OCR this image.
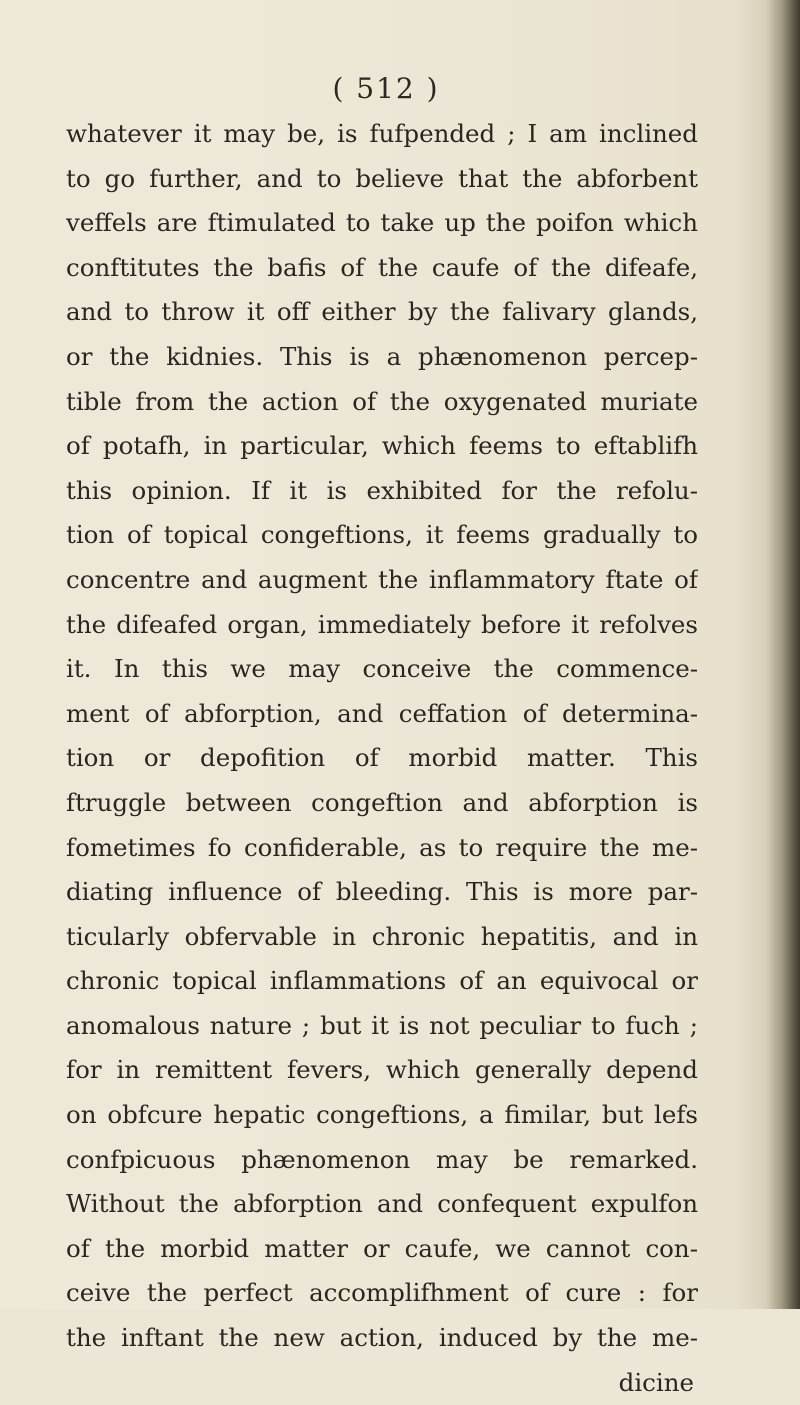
( 512 )
whatever it may be, is fufpended ; I am inclined
to go further, and to believe that the abforbent
veffels are ftimulated to take up the poifon which
conftitutes the bafis of the caufe of the difeafe,
and to throw it off either by the falivary glands,
or the kidnies. This is a phænomenon percep-
tible from the action of the oxygenated muriate
of potafh, in particular, which feems to eftablifh
this opinion. If it is exhibited for the refolu-
tion of topical congeftions, it feems gradually to
concentre and augment the inflammatory ftate of
the difeafed organ, immediately before it refolves
it. In this we may conceive the commence-
ment of abforption, and ceffation of determina-
tion or depofition of morbid matter. This
ftruggle between congeftion and abforption is
fometimes fo confiderable, as to require the me-
diating influence of bleeding. This is more par-
ticularly obfervable in chronic hepatitis, and in
chronic topical inflammations of an equivocal or
anomalous nature ; but it is not peculiar to fuch ;
for in remittent fevers, which generally depend
on obfcure hepatic congeftions, a fimilar, but lefs
confpicuous phænomenon may be remarked.
Without the abforption and confequent expulfon
of the morbid matter or caufe, we cannot con-
ceive the perfect accomplifhment of cure : for
the inftant the new action, induced by the me-
dicine
